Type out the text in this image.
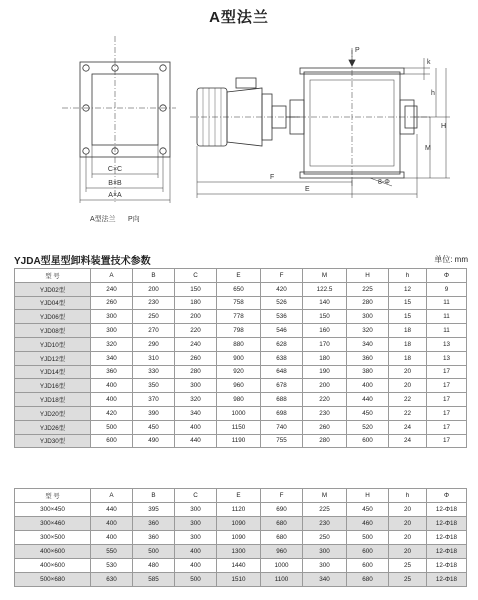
A型法兰
C×C
B×B
A×A
A型法兰 P向
P
k
h
H
M
F
E
8-Φ
YJDA型星型卸料装置技术参数	单位: mm
型 号	A	B	C	E	F	M	H	h	Φ
YJD02型	240	200	150	650	420	122.5	225	12	9
YJD04型	260	230	180	758	526	140	280	15	11
YJD06型	300	250	200	778	536	150	300	15	11
YJD08型	300	270	220	798	546	160	320	18	11
YJD10型	320	290	240	880	628	170	340	18	13
YJD12型	340	310	260	900	638	180	360	18	13
YJD14型	360	330	280	920	648	190	380	20	17
YJD16型	400	350	300	960	678	200	400	20	17
YJD18型	400	370	320	980	688	220	440	22	17
YJD20型	420	390	340	1000	698	230	450	22	17
YJD26型	500	450	400	1150	740	260	520	24	17
YJD30型	600	490	440	1190	755	280	600	24	17
型 号	A	B	C	E	F	M	H	h	Φ
300×450	440	395	300	1120	690	225	450	20	12-Φ18
300×460	400	360	300	1090	680	230	460	20	12-Φ18
300×500	400	360	300	1090	680	250	500	20	12-Φ18
400×600	550	500	400	1300	960	300	600	20	12-Φ18
400×600	530	480	400	1440	1000	300	600	25	12-Φ18
500×680	630	585	500	1510	1100	340	680	25	12-Φ18
